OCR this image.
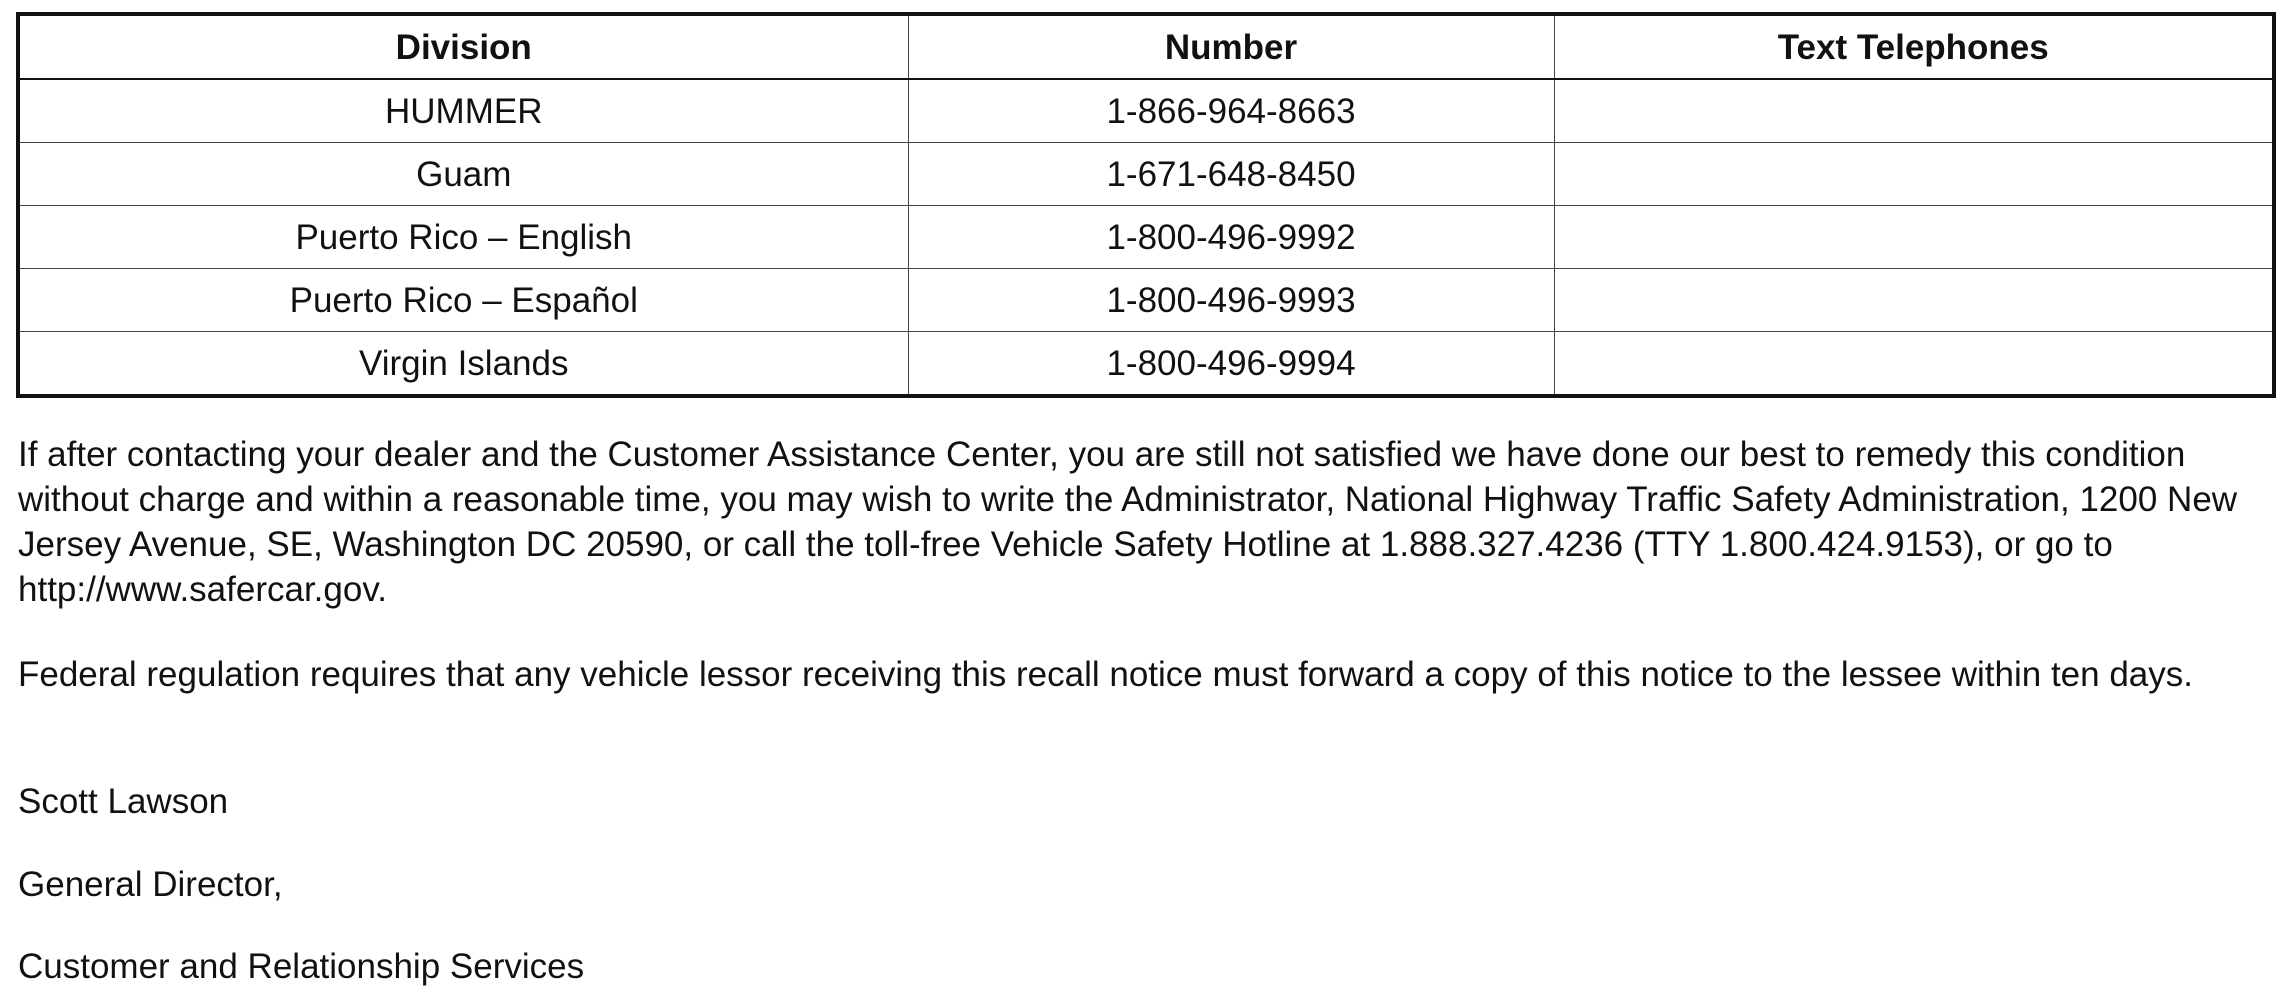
Division	Number	Text Telephones
HUMMER	1-866-964-8663	
Guam	1-671-648-8450	
Puerto Rico – English	1-800-496-9992	
Puerto Rico – Español	1-800-496-9993	
Virgin Islands	1-800-496-9994	

If after contacting your dealer and the Customer Assistance Center, you are still not satisfied we have done our best to remedy this condition without charge and within a reasonable time, you may wish to write the Administrator, National Highway Traffic Safety Administration, 1200 New Jersey Avenue, SE, Washington DC 20590, or call the toll-free Vehicle Safety Hotline at 1.888.327.4236 (TTY 1.800.424.9153), or go to http://www.safercar.gov.

Federal regulation requires that any vehicle lessor receiving this recall notice must forward a copy of this notice to the lessee within ten days.

Scott Lawson

General Director,

Customer and Relationship Services
